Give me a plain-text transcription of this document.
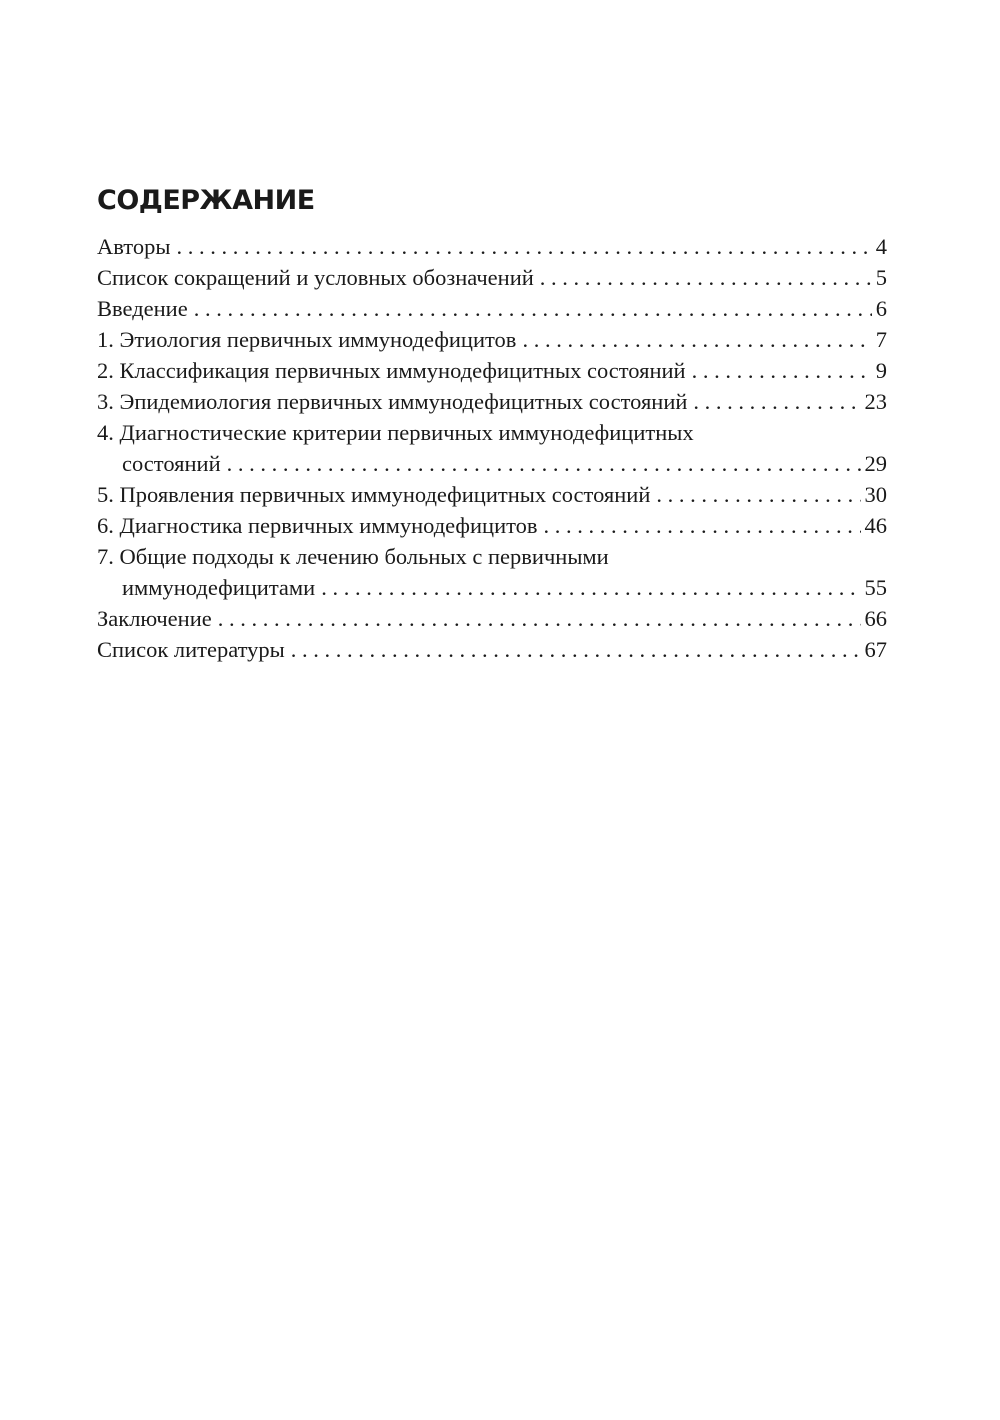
СОДЕРЖАНИЕ
Авторы . . .	4
Список сокращений и условных обозначений . . .	5
Введение . . .	6
1. Этиология первичных иммунодефицитов . . .	7
2. Классификация первичных иммунодефицитных состояний . . .	9
3. Эпидемиология первичных иммунодефицитных состояний . . .	23
4. Диагностические критерии первичных иммунодефицитных
состояний . . .	29
5. Проявления первичных иммунодефицитных состояний . . .	30
6. Диагностика первичных иммунодефицитов . . .	46
7. Общие подходы к лечению больных с первичными
иммунодефицитами . . .	55
Заключение . . .	66
Список литературы . . .	67
